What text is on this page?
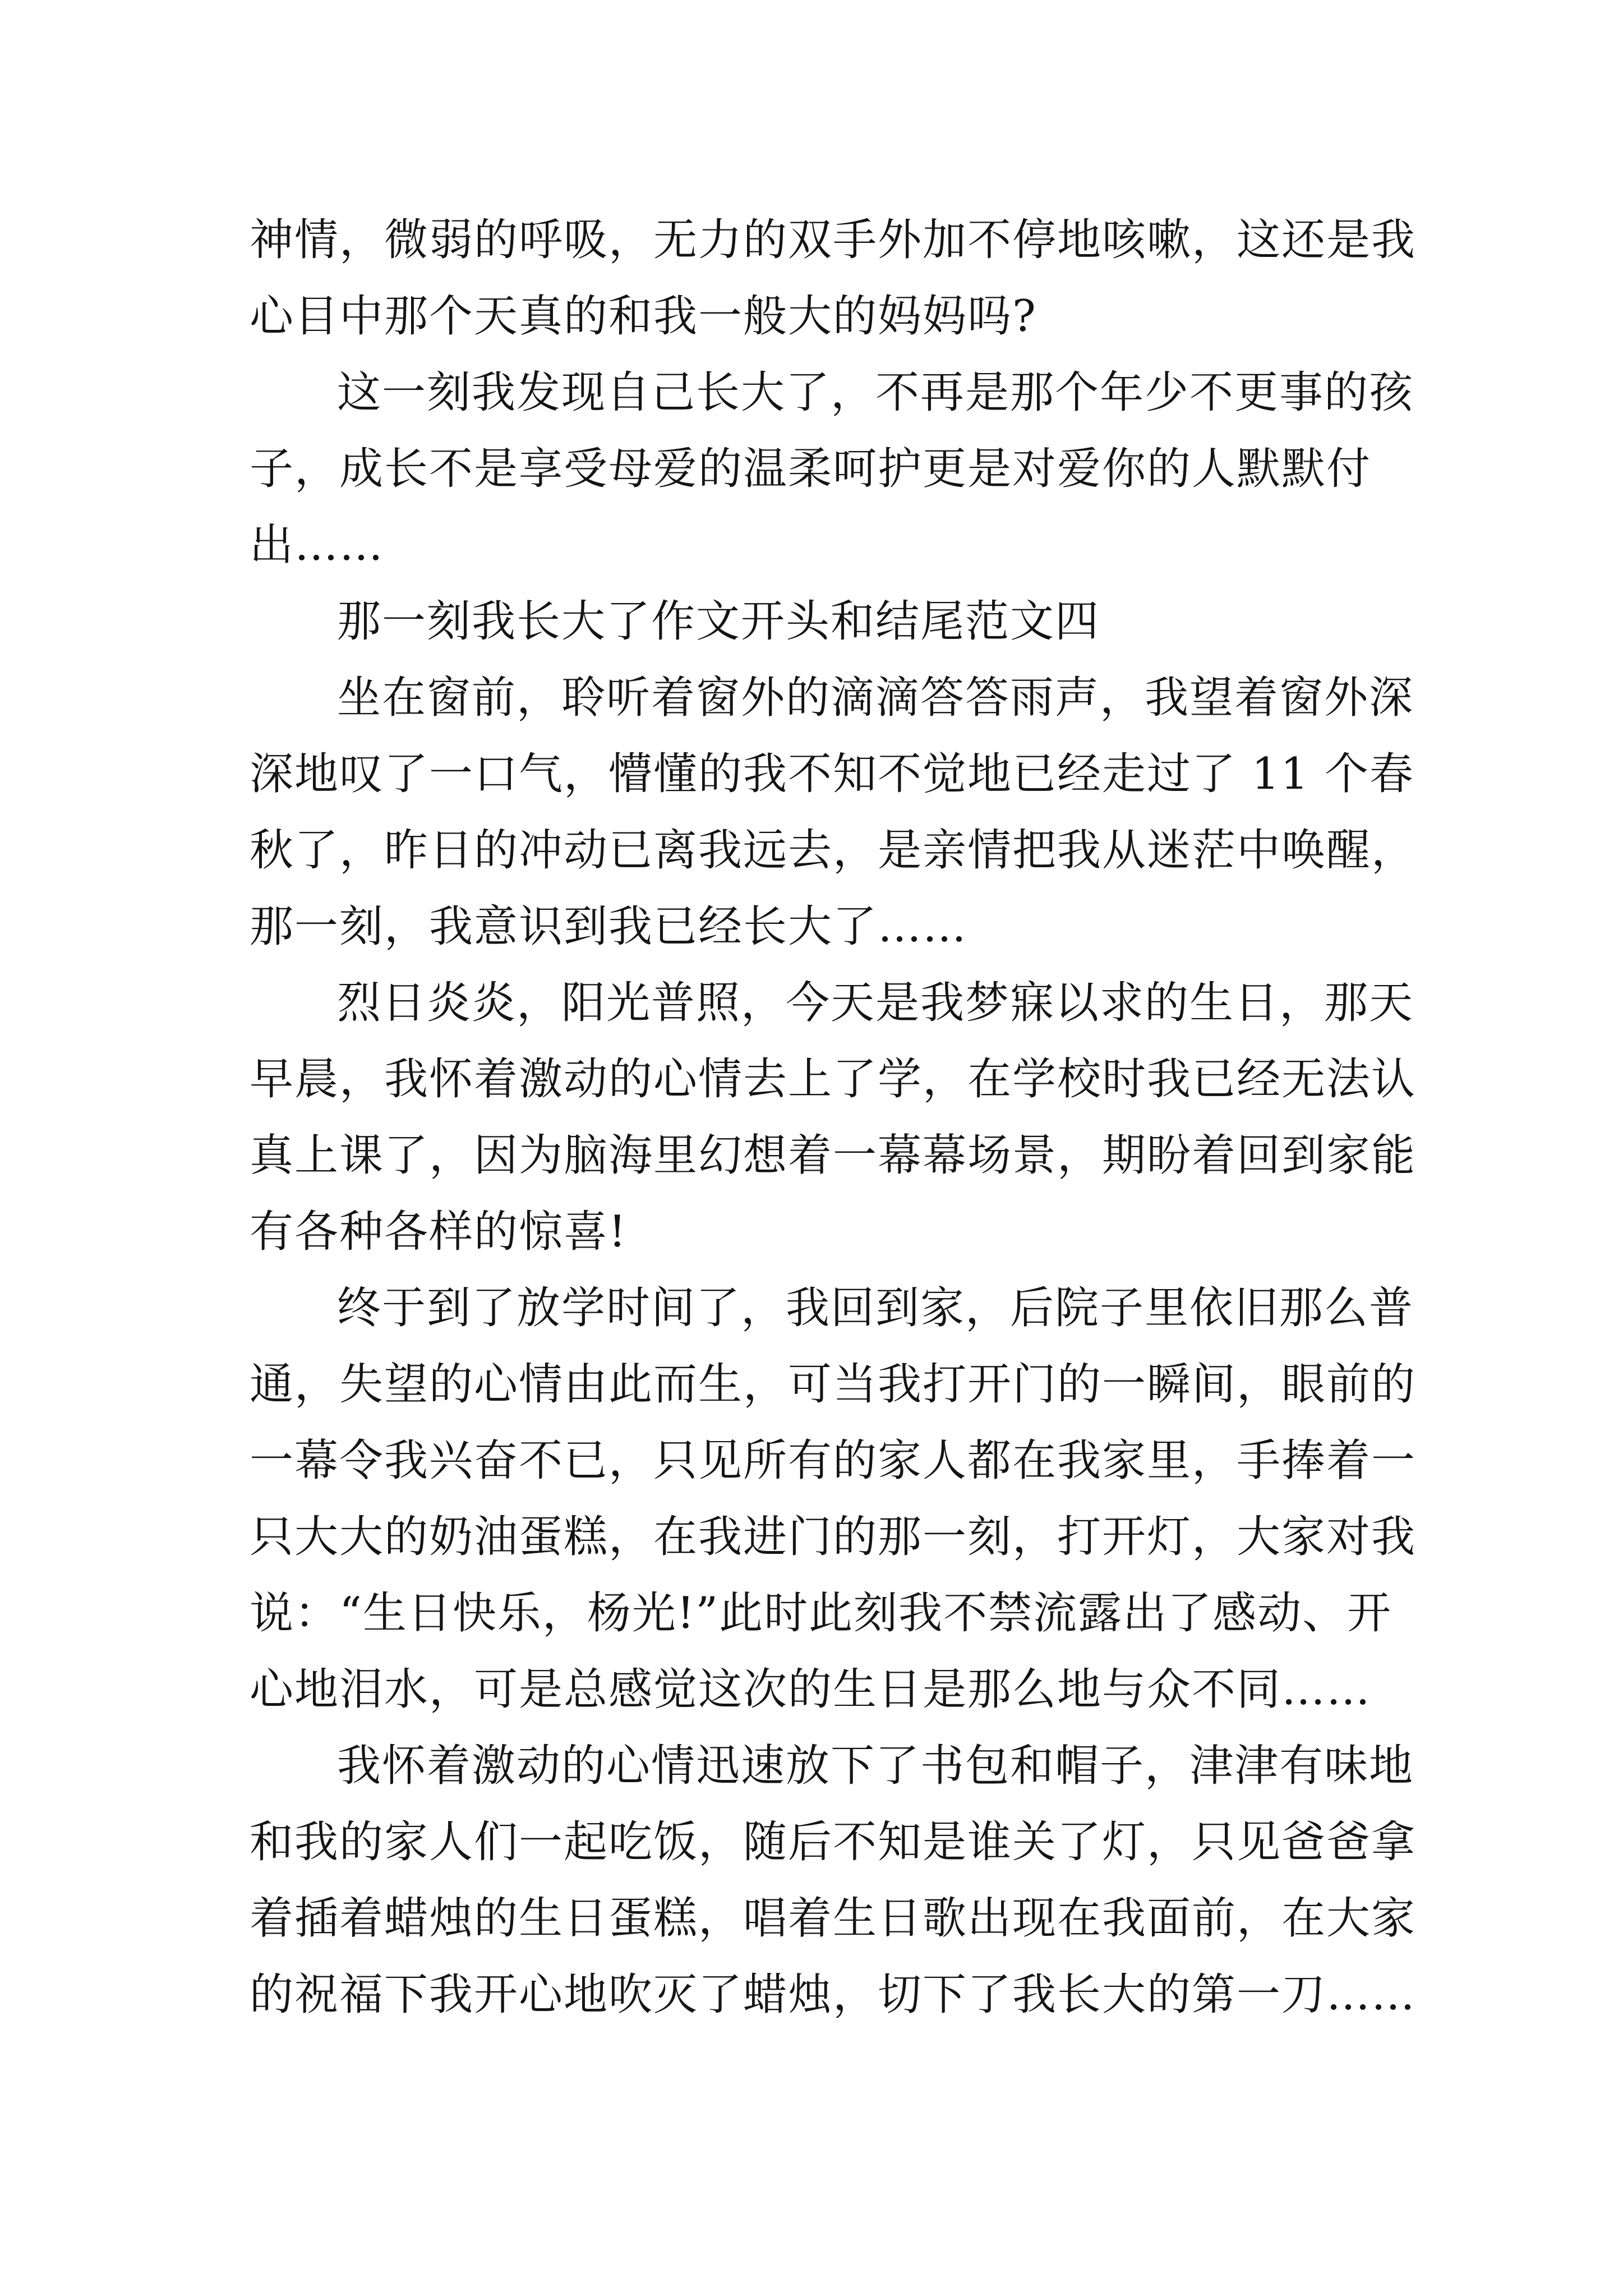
神情，微弱的呼吸，无力的双手外加不停地咳嗽，这还是我
心目中那个天真的和我一般大的妈妈吗?
这一刻我发现自己长大了，不再是那个年少不更事的孩
子，成长不是享受母爱的温柔呵护更是对爱你的人默默付
出……
那一刻我长大了作文开头和结尾范文四
坐在窗前，聆听着窗外的滴滴答答雨声，我望着窗外深
深地叹了一口气，懵懂的我不知不觉地已经走过了 11 个春
秋了，昨日的冲动已离我远去，是亲情把我从迷茫中唤醒，
那一刻，我意识到我已经长大了……
烈日炎炎，阳光普照，今天是我梦寐以求的生日，那天
早晨，我怀着激动的心情去上了学，在学校时我已经无法认
真上课了，因为脑海里幻想着一幕幕场景，期盼着回到家能
有各种各样的惊喜!
终于到了放学时间了，我回到家，后院子里依旧那么普
通，失望的心情由此而生，可当我打开门的一瞬间，眼前的
一幕令我兴奋不已，只见所有的家人都在我家里，手捧着一
只大大的奶油蛋糕，在我进门的那一刻，打开灯，大家对我
说：“生日快乐，杨光!”此时此刻我不禁流露出了感动、开
心地泪水，可是总感觉这次的生日是那么地与众不同……
我怀着激动的心情迅速放下了书包和帽子，津津有味地
和我的家人们一起吃饭，随后不知是谁关了灯，只见爸爸拿
着插着蜡烛的生日蛋糕，唱着生日歌出现在我面前，在大家
的祝福下我开心地吹灭了蜡烛，切下了我长大的第一刀……
